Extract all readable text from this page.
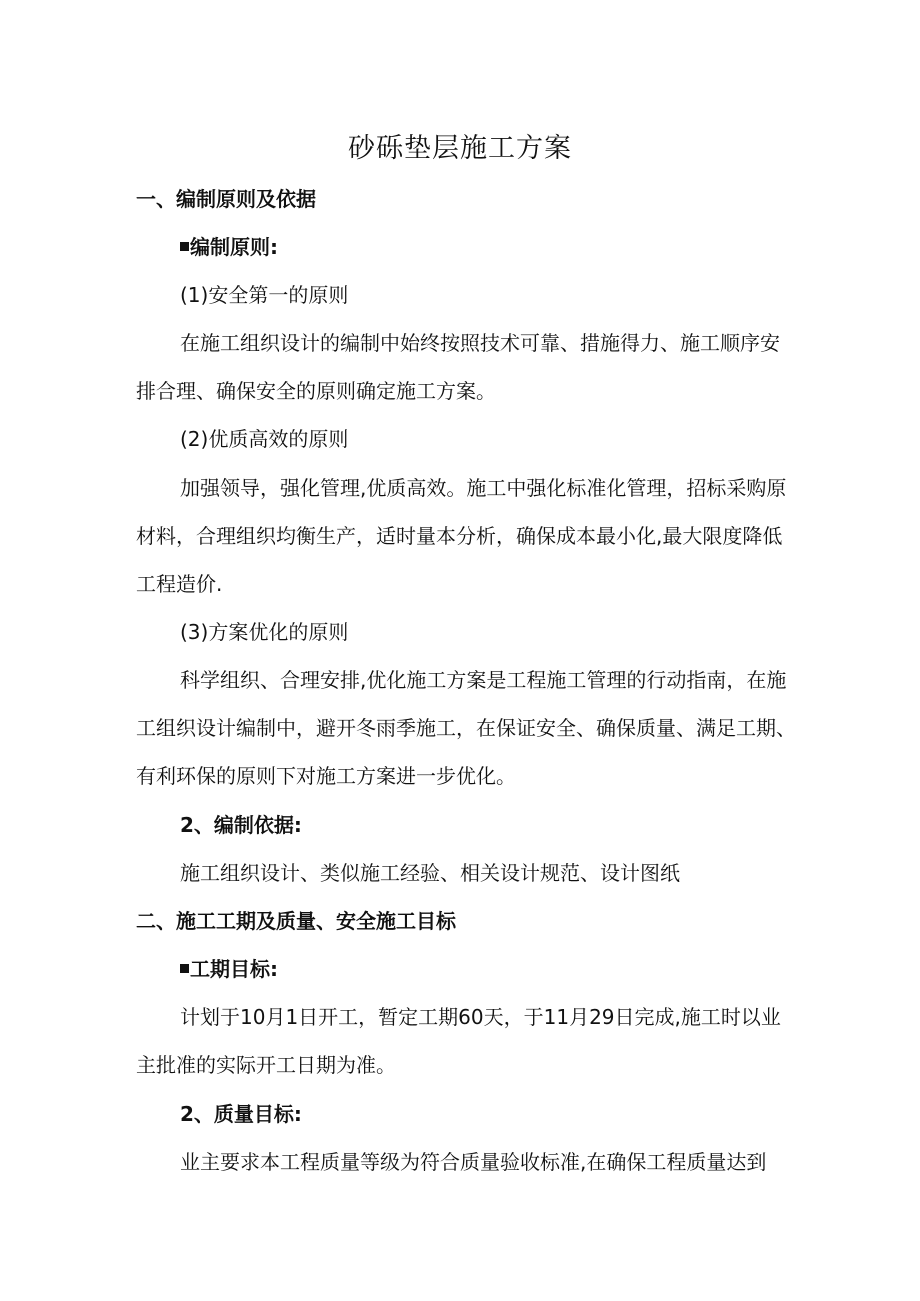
砂砾垫层施工方案
一、编制原则及依据
编制原则:
(1)安全第一的原则
在施工组织设计的编制中始终按照技术可靠、措施得力、施工顺序安
排合理、确保安全的原则确定施工方案。
(2)优质高效的原则
加强领导，强化管理,优质高效。施工中强化标准化管理，招标采购原
材料，合理组织均衡生产，适时量本分析，确保成本最小化,最大限度降低
工程造价.
(3)方案优化的原则
科学组织、合理安排,优化施工方案是工程施工管理的行动指南，在施
工组织设计编制中，避开冬雨季施工，在保证安全、确保质量、满足工期、
有利环保的原则下对施工方案进一步优化。
2、编制依据:
施工组织设计、类似施工经验、相关设计规范、设计图纸
二、施工工期及质量、安全施工目标
工期目标:
计划于10月1日开工，暂定工期60天，于11月29日完成,施工时以业
主批准的实际开工日期为准。
2、质量目标:
业主要求本工程质量等级为符合质量验收标准,在确保工程质量达到
